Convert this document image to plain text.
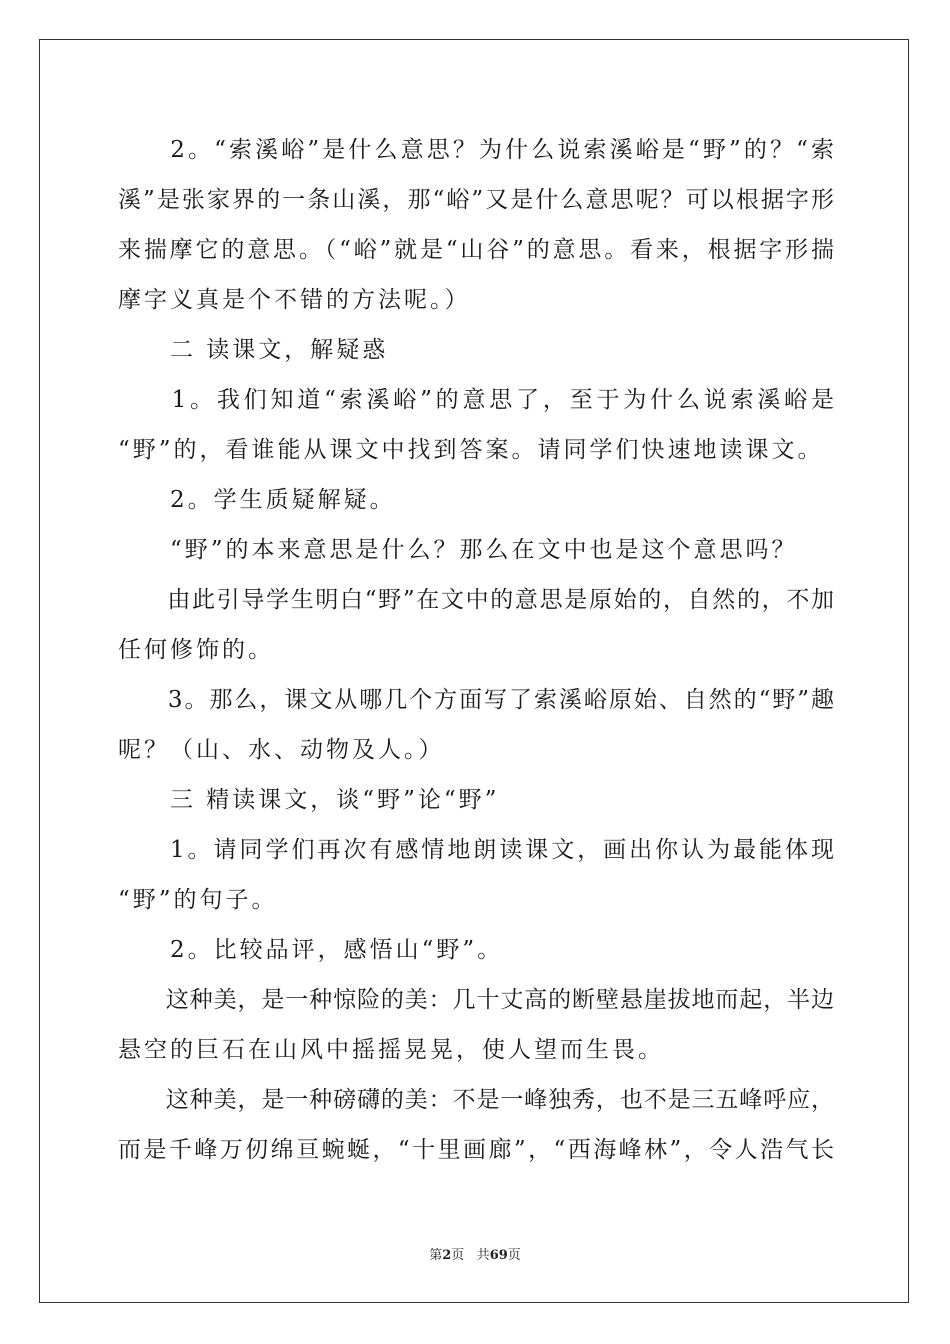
　　2。“索溪峪”是什么意思？为什么说索溪峪是“野”的？“索
溪”是张家界的一条山溪，那“峪”又是什么意思呢？可以根据字形
来揣摩它的意思。（“峪”就是“山谷”的意思。看来，根据字形揣
摩字义真是个不错的方法呢。）
　　二 读课文，解疑惑
　　1。我们知道“索溪峪”的意思了，至于为什么说索溪峪是
“野”的，看谁能从课文中找到答案。请同学们快速地读课文。
　　2。学生质疑解疑。
　　“野”的本来意思是什么？那么在文中也是这个意思吗？
　　由此引导学生明白“野”在文中的意思是原始的，自然的，不加
任何修饰的。
　　3。那么，课文从哪几个方面写了索溪峪原始、自然的“野”趣
呢？（山、水、动物及人。）
　　三 精读课文，谈“野”论“野”
　　1。请同学们再次有感情地朗读课文，画出你认为最能体现
“野”的句子。
　　2。比较品评，感悟山“野”。
　　这种美，是一种惊险的美：几十丈高的断壁悬崖拔地而起，半边
悬空的巨石在山风中摇摇晃晃，使人望而生畏。
　　这种美，是一种磅礴的美：不是一峰独秀，也不是三五峰呼应，
而是千峰万仞绵亘蜿蜒，“十里画廊”，“西海峰林”，令人浩气长
第2页 共69页
